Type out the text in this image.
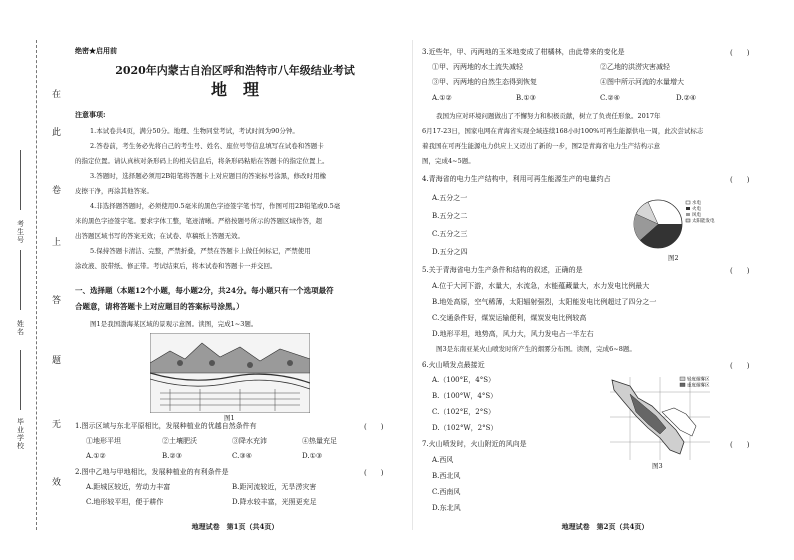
在
此
卷
上
答
题
无
效
考生号
姓名
毕业学校
绝密★启用前
2020年内蒙古自治区呼和浩特市八年级结业考试
地　理
注意事项:
1.本试卷共4页，满分50分。地理、生物同堂考试，考试时间为90分钟。
2.答卷前，考生务必先将自己的考生号、姓名、座位号等信息填写在试卷和答题卡
的指定位置。请认真核对条形码上的相关信息后，将条形码粘贴在答题卡的指定位置上。
3.答题时，选择题必须用2B铅笔将答题卡上对应题目的答案标号涂黑，修改时用橡
皮擦干净，再涂其他答案。
4.非选择题答题时，必须使用0.5毫米的黑色字迹签字笔书写，作图可用2B铅笔或0.5毫
米的黑色字迹签字笔。要求字体工整，笔迹清晰。严格按题号所示的答题区域作答，超
出答题区域书写的答案无效；在试卷、草稿纸上答题无效。
5.保持答题卡清洁、完整，严禁折叠，严禁在答题卡上做任何标记，严禁使用
涂改液、胶带纸、修正带。考试结束后，将本试卷和答题卡一并交回。
一、选择题（本题12个小题，每小题2分，共24分。每小题只有一个选项最符
合题意，请将答题卡上对应题目的答案标号涂黑。）
图1是我国渤海某区域的景观示意图。读图，完成1~3题。
图1
1.图示区域与东北平原相比，发展种植业的优越自然条件有	(　　)
①地形平坦	②土壤肥沃	③降水充沛	④热量充足
A.①②	B.②③	C.③④	D.①③
2.图中乙地与甲地相比，发展种植业的有利条件是	(　　)
A.距城区较近，劳动力丰富	B.距河流较近，无旱涝灾害
C.地形较平坦，便于耕作	D.降水较丰富，光照更充足
地理试卷　第1页（共4页）
3.近些年，甲、丙两地的玉米地变成了柑橘林，由此带来的变化是	(　　)
①甲、丙两地的水土流失减轻	②乙地的洪涝灾害减轻
③甲、丙两地的自然生态得到恢复	④图中所示河流的水量增大
A.①②	B.①③	C.②④	D.②④
我国为应对环境问题做出了不懈努力和积极贡献，树立了负责任形象。2017年
6月17-23日，国家电网在青海省实现全域连续168小时100%可再生能源供电一周，此次尝试标志
着我国在可再生能源电力供应上又迈出了新的一步，图2是青海省电力生产结构示意
图，完成4~5题。
4.青海省的电力生产结构中，利用可再生能源生产的电量约占	(　　)
A.五分之一
B.五分之二
C.五分之三
D.五分之四
水电
火电
风电
太阳能发电
图2
5.关于青海省电力生产条件和结构的叙述，正确的是	(　　)
A.位于大河下游，水量大，水流急，水能蕴藏量大，水力发电比例最大
B.地处高原，空气稀薄，太阳辐射强烈，太阳能发电比例超过了四分之一
C.交通条件好，煤炭运输便利，煤炭发电比例较高
D.地形平坦，地势高，风力大，风力发电占一半左右
图3是东南亚某火山喷发时所产生的烟雾分布图。读图，完成6~8题。
6.火山喷发点最接近	(　　)
A.（100°E，4°S）
B.（100°W，4°S）
C.（102°E，2°S）
D.（102°W，2°S）
轻度烟雾区
重度烟雾区
图3
7.火山喷发时，火山附近的风向是	(　　)
A.西风
B.西北风
C.西南风
D.东北风
地理试卷　第2页（共4页）
